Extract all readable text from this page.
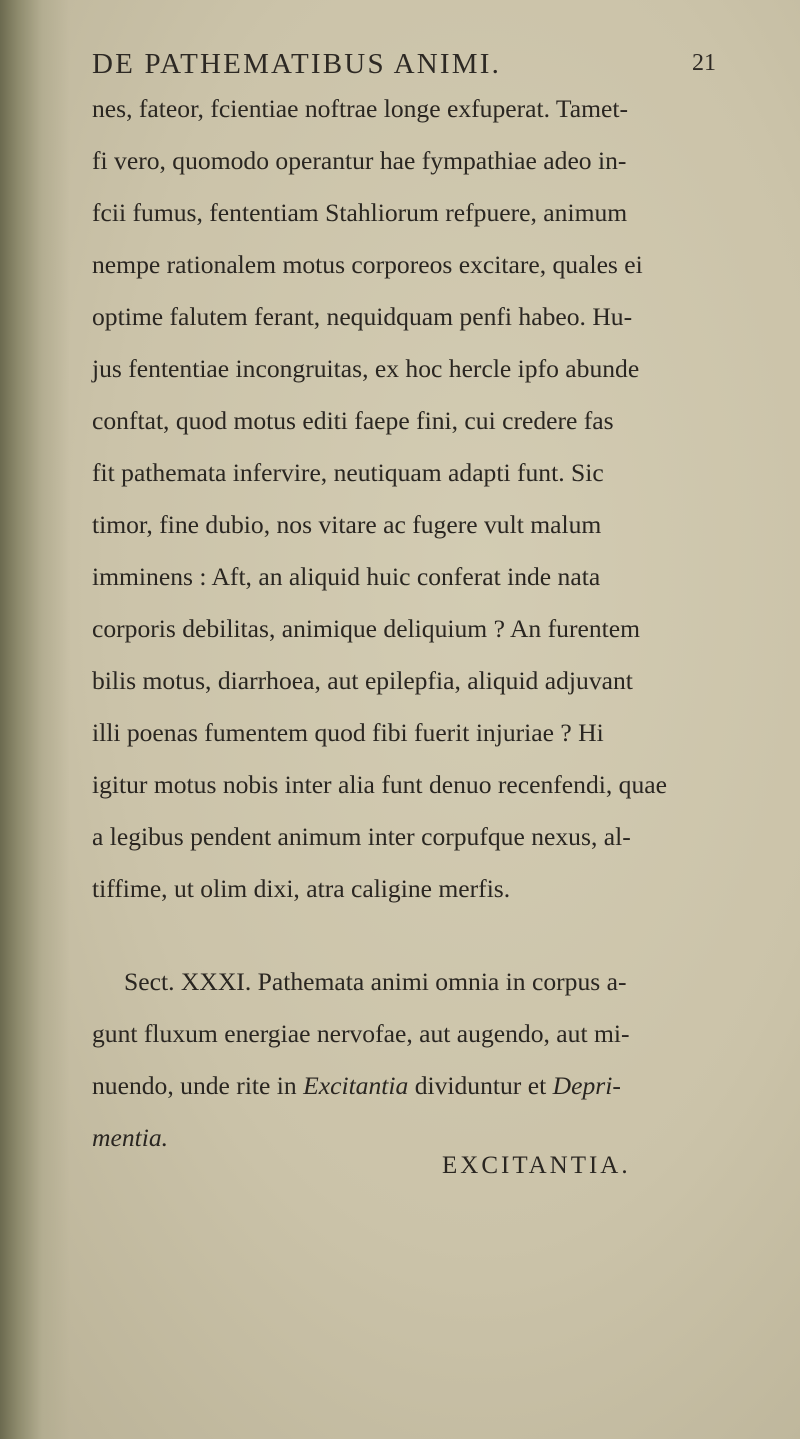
DE PATHEMATIBUS ANIMI.	21
nes, fateor, fcientiae noftrae longe exfuperat. Tamet-
fi vero, quomodo operantur hae fympathiae adeo in-
fcii fumus, fententiam Stahliorum refpuere, animum
nempe rationalem motus corporeos excitare, quales ei
optime falutem ferant, nequidquam penfi habeo. Hu-
jus fententiae incongruitas, ex hoc hercle ipfo abunde
conftat, quod motus editi faepe fini, cui credere fas
fit pathemata infervire, neutiquam adapti funt. Sic
timor, fine dubio, nos vitare ac fugere vult malum
imminens : Aft, an aliquid huic conferat inde nata
corporis debilitas, animique deliquium ? An furentem
bilis motus, diarrhoea, aut epilepfia, aliquid adjuvant
illi poenas fumentem quod fibi fuerit injuriae ? Hi
igitur motus nobis inter alia funt denuo recenfendi, quae
a legibus pendent animum inter corpufque nexus, al-
tiffime, ut olim dixi, atra caligine merfis.
Sect. XXXI. Pathemata animi omnia in corpus a-
gunt fluxum energiae nervofae, aut augendo, aut mi-
nuendo, unde rite in Excitantia dividuntur et Depri-
mentia.
EXCITANTIA.
